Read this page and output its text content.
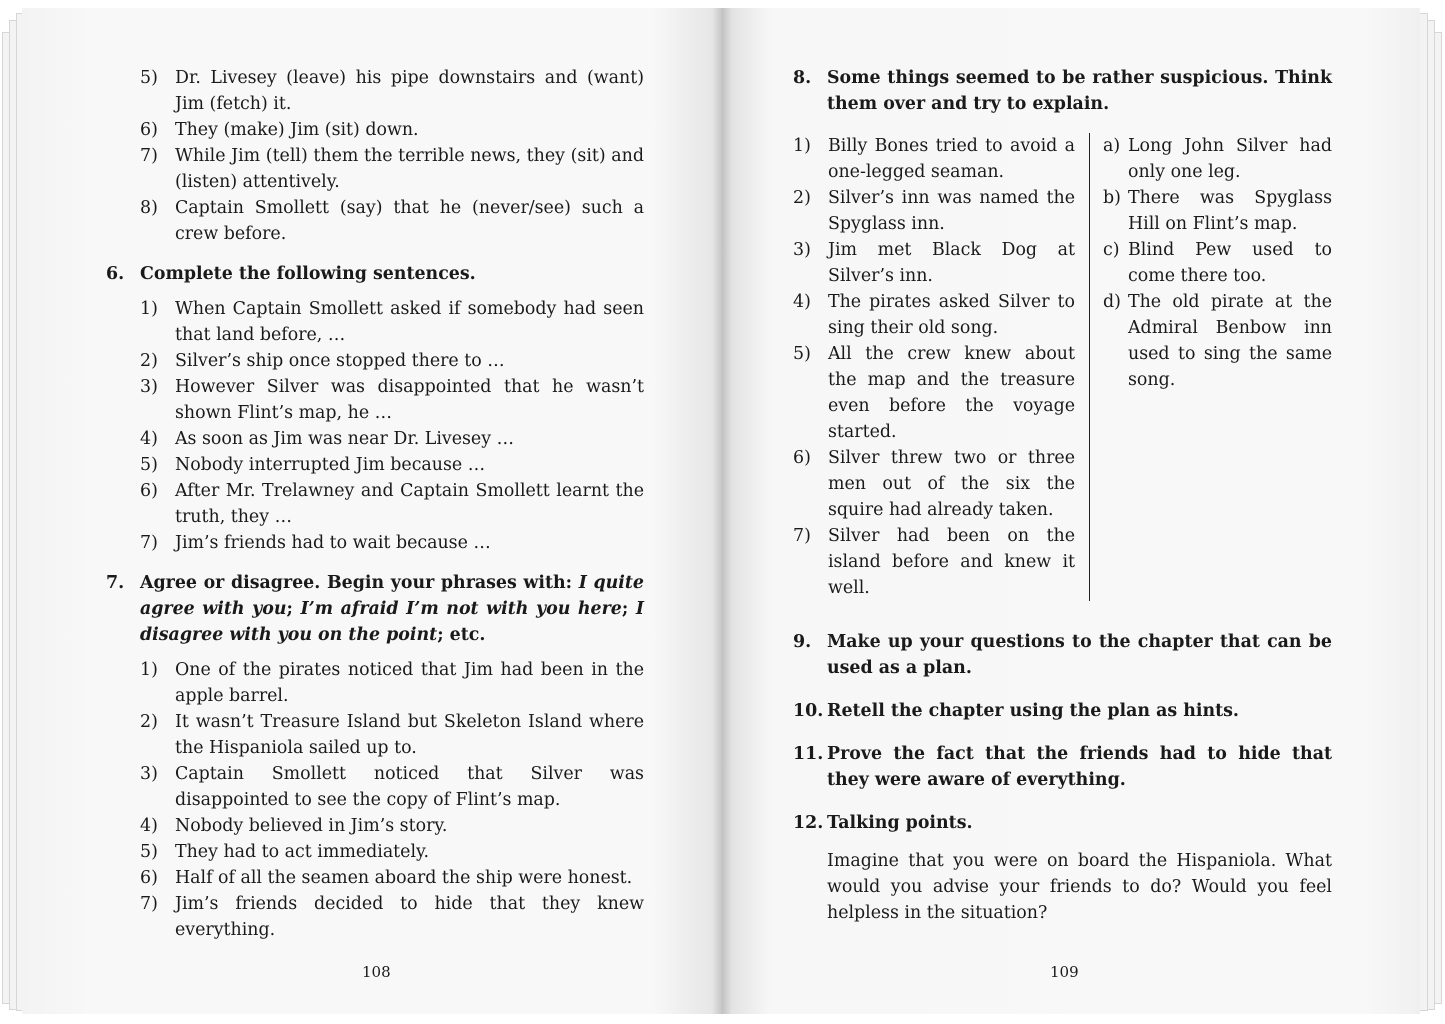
5) Dr. Livesey (leave) his pipe downstairs and (want) Jim (fetch) it.
6) They (make) Jim (sit) down.
7) While Jim (tell) them the terrible news, they (sit) and (listen) attentively.
8) Captain Smollett (say) that he (never/see) such a crew before.
6. Complete the following sentences.
1) When Captain Smollett asked if somebody had seen that land before, …
2) Silver’s ship once stopped there to …
3) However Silver was disappointed that he wasn’t shown Flint’s map, he …
4) As soon as Jim was near Dr. Livesey …
5) Nobody interrupted Jim because …
6) After Mr. Trelawney and Captain Smollett learnt the truth, they …
7) Jim’s friends had to wait because …
7. Agree or disagree. Begin your phrases with: I quite agree with you; I’m afraid I’m not with you here; I disagree with you on the point; etc.
1) One of the pirates noticed that Jim had been in the apple barrel.
2) It wasn’t Treasure Island but Skeleton Island where the Hispaniola sailed up to.
3) Captain Smollett noticed that Silver was disappointed to see the copy of Flint’s map.
4) Nobody believed in Jim’s story.
5) They had to act immediately.
6) Half of all the seamen aboard the ship were honest.
7) Jim’s friends decided to hide that they knew everything.
108
8. Some things seemed to be rather suspicious. Think them over and try to explain.
1) Billy Bones tried to avoid a one-legged seaman.
2) Silver’s inn was named the Spyglass inn.
3) Jim met Black Dog at Silver’s inn.
4) The pirates asked Silver to sing their old song.
5) All the crew knew about the map and the treasure even before the voyage started.
6) Silver threw two or three men out of the six the squire had already taken.
7) Silver had been on the island before and knew it well.
a) Long John Silver had only one leg.
b) There was Spyglass Hill on Flint’s map.
c) Blind Pew used to come there too.
d) The old pirate at the Admiral Benbow inn used to sing the same song.
9. Make up your questions to the chapter that can be used as a plan.
10. Retell the chapter using the plan as hints.
11. Prove the fact that the friends had to hide that they were aware of everything.
12. Talking points.
Imagine that you were on board the Hispaniola. What would you advise your friends to do? Would you feel helpless in the situation?
109
